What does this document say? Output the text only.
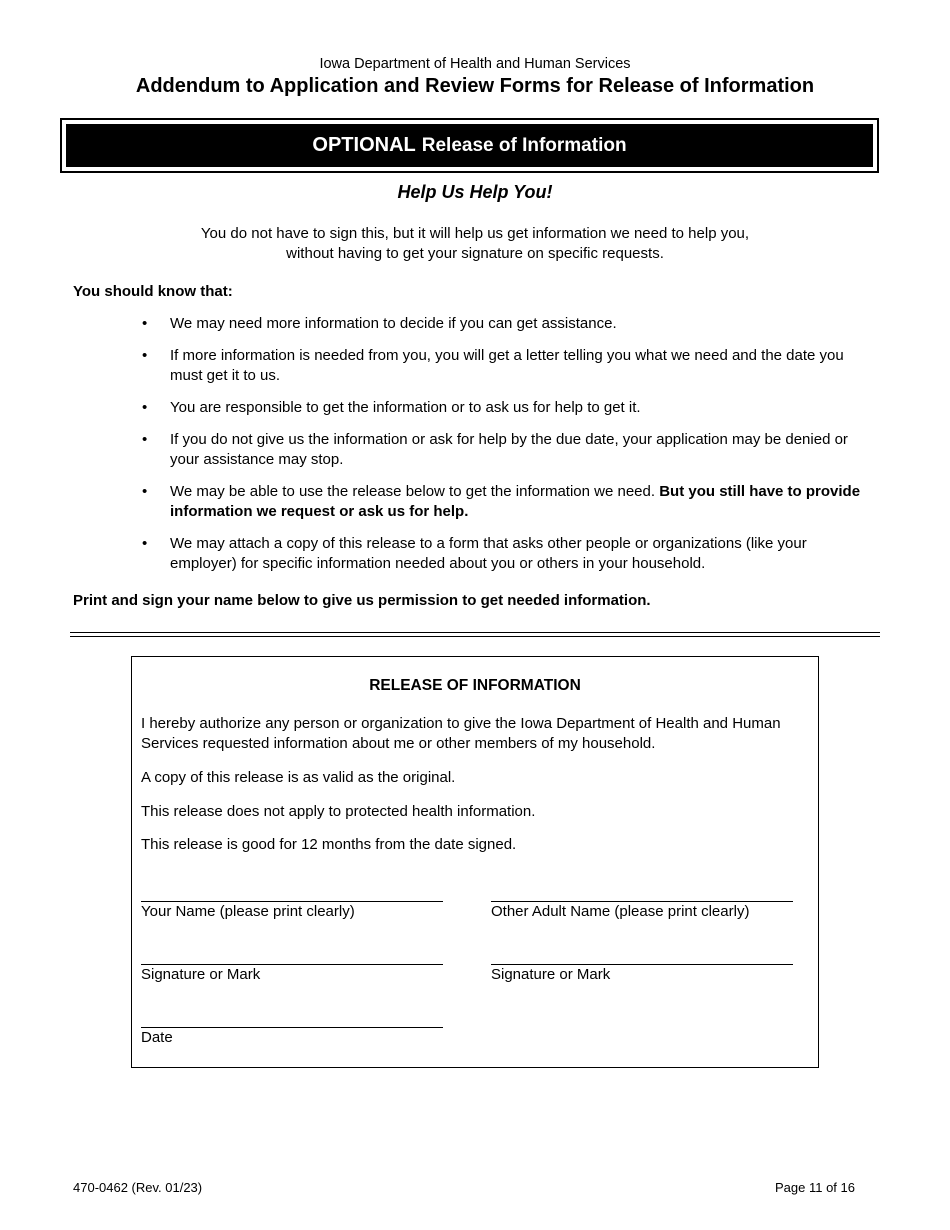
Iowa Department of Health and Human Services
Addendum to Application and Review Forms for Release of Information
OPTIONAL Release of Information
Help Us Help You!
You do not have to sign this, but it will help us get information we need to help you,
without having to get your signature on specific requests.
You should know that:
• We may need more information to decide if you can get assistance.
• If more information is needed from you, you will get a letter telling you what we need and the date you must get it to us.
• You are responsible to get the information or to ask us for help to get it.
• If you do not give us the information or ask for help by the due date, your application may be denied or your assistance may stop.
• We may be able to use the release below to get the information we need. But you still have to provide information we request or ask us for help.
• We may attach a copy of this release to a form that asks other people or organizations (like your employer) for specific information needed about you or others in your household.
Print and sign your name below to give us permission to get needed information.
RELEASE OF INFORMATION

I hereby authorize any person or organization to give the Iowa Department of Health and Human Services requested information about me or other members of my household.

A copy of this release is as valid as the original.

This release does not apply to protected health information.

This release is good for 12 months from the date signed.

Your Name (please print clearly)	Other Adult Name (please print clearly)
Signature or Mark	Signature or Mark
Date
470-0462 (Rev. 01/23)	Page 11 of 16
